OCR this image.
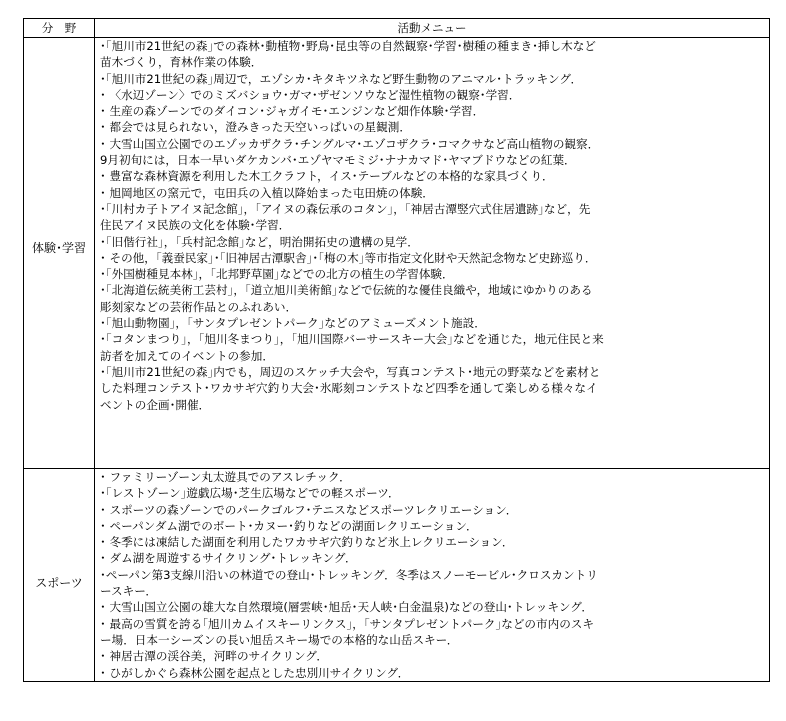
分　野	活動メニュー
体験･学習
スポーツ
･｢旭川市21世紀の森｣での森林･動植物･野鳥･昆虫等の自然観察･学習･樹種の種まき･挿し木など
苗木づくり，育林作業の体験．
･｢旭川市21世紀の森｣周辺で，エゾシカ･キタキツネなど野生動物のアニマル･トラッキング．
･ 〈水辺ゾーン〉でのミズバショウ･ガマ･ザゼンソウなど湿性植物の観察･学習．
･ 生産の森ゾーンでのダイコン･ジャガイモ･エンジンなど畑作体験･学習．
･ 都会では見られない，澄みきった天空いっぱいの星観測．
･ 大雪山国立公園でのエゾッカザクラ･チングルマ･エゾコザクラ･コマクサなど高山植物の観察．
9月初旬には，日本一早いダケカンバ･エゾヤマモミジ･ナナカマド･ヤマブドウなどの紅葉．
･ 豊富な森林資源を利用した木工クラフト，イス･テーブルなどの本格的な家具づくり．
･ 旭岡地区の窯元で，屯田兵の入植以降始まった屯田焼の体験．
･｢川村カ子トアイヌ記念館｣，｢アイヌの森伝承のコタン｣，｢神居古潭竪穴式住居遺跡｣など，先
住民アイヌ民族の文化を体験･学習．
･｢旧偕行社｣，｢兵村記念館｣など，明治開拓史の遺構の見学．
･ その他，｢義蚕民家｣･｢旧神居古潭駅舎｣･｢梅の木｣等市指定文化財や天然記念物など史跡巡り．
･｢外国樹種見本林｣，｢北邦野草園｣などでの北方の植生の学習体験．
･｢北海道伝統美術工芸村｣，｢道立旭川美術館｣などで伝統的な優佳良織や，地域にゆかりのある
彫刻家などの芸術作品とのふれあい．
･｢旭山動物園｣，｢サンタプレゼントパーク｣などのアミューズメント施設．
･｢コタンまつり｣，｢旭川冬まつり｣，｢旭川国際バーサースキー大会｣などを通じた，地元住民と来
訪者を加えてのイベントの参加．
･｢旭川市21世紀の森｣内でも，周辺のスケッチ大会や，写真コンテスト･地元の野菜などを素材と
した料理コンテスト･ワカサギ穴釣り大会･氷彫刻コンテストなど四季を通して楽しめる様々なイ
ベントの企画･開催．
･ ファミリーゾーン丸太遊具でのアスレチック．
･｢レストゾーン｣遊戯広場･芝生広場などでの軽スポーツ．
･ スポーツの森ゾーンでのパークゴルフ･テニスなどスポーツレクリエーション．
･ ペーパンダム湖でのボート･カヌー･釣りなどの湖面レクリエーション．
･ 冬季には凍結した湖面を利用したワカサギ穴釣りなど氷上レクリエーション．
･ ダム湖を周遊するサイクリング･トレッキング．
･ペーパン第3支線川沿いの林道での登山･トレッキング．冬季はスノーモービル･クロスカントリ
ースキー．
･ 大雪山国立公園の雄大な自然環境(層雲峡･旭岳･天人峡･白金温泉)などの登山･トレッキング．
･ 最高の雪質を誇る｢旭川カムイスキーリンクス｣，｢サンタプレゼントパーク｣などの市内のスキ
ー場．日本一シーズンの長い旭岳スキー場での本格的な山岳スキー．
･ 神居古潭の渓谷美，河畔のサイクリング．
･ ひがしかぐら森林公園を起点とした忠別川サイクリング．
